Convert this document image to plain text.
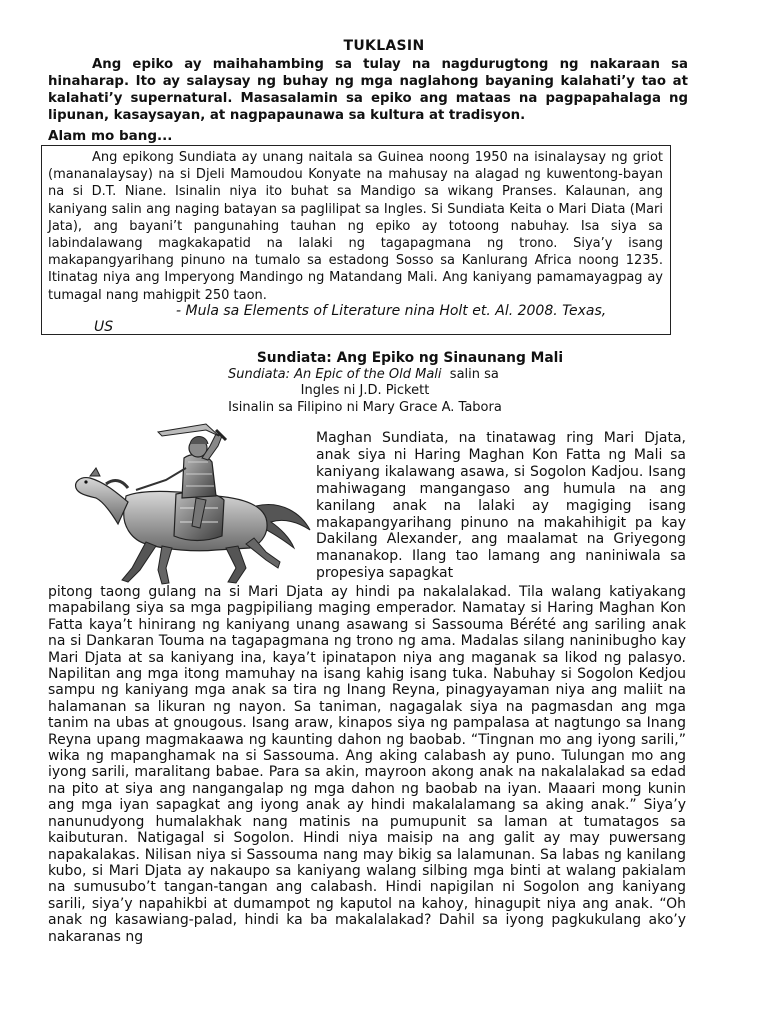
TUKLASIN
Ang epiko ay maihahambing sa tulay na nagdurugtong ng nakaraan sa hinaharap. Ito ay salaysay ng buhay ng mga naglahong bayaning kalahati’y tao at kalahati’y supernatural. Masasalamin sa epiko ang mataas na pagpapahalaga ng lipunan, kasaysayan, at nagpapaunawa sa kultura at tradisyon.
Alam mo bang...
Ang epikong Sundiata ay unang naitala sa Guinea noong 1950 na isinalaysay ng griot (mananalaysay) na si Djeli Mamoudou Konyate na mahusay na alagad ng kuwentong-bayan na si D.T. Niane. Isinalin niya ito buhat sa Mandigo sa wikang Pranses. Kalaunan, ang kaniyang salin ang naging batayan sa paglilipat sa Ingles. Si Sundiata Keita o Mari Diata (Mari Jata), ang bayani’t pangunahing tauhan ng epiko ay totoong nabuhay. Isa siya sa labindalawang magkakapatid na lalaki ng tagapagmana ng trono. Siya’y isang makapangyarihang pinuno na tumalo sa estadong Sosso sa Kanlurang Africa noong 1235. Itinatag niya ang Imperyong Mandingo ng Matandang Mali. Ang kaniyang pamamayagpag ay tumagal nang mahigpit 250 taon.
- Mula sa Elements of Literature nina Holt et. Al. 2008. Texas,
US
Sundiata: Ang Epiko ng Sinaunang Mali
Sundiata: An Epic of the Old Mali  salin sa
Ingles ni J.D. Pickett
Isinalin sa Filipino ni Mary Grace A. Tabora
Maghan Sundiata, na tinatawag ring Mari Djata, anak siya ni Haring Maghan Kon Fatta ng Mali sa kaniyang ikalawang asawa, si Sogolon Kadjou. Isang mahiwagang mangangaso ang humula na ang kanilang anak na lalaki ay magiging isang makapangyarihang pinuno na makahihigit pa kay Dakilang Alexander, ang maalamat na Griyegong mananakop. Ilang tao lamang ang naniniwala sa propesiya sapagkat
pitong taong gulang na si Mari Djata ay hindi pa nakalalakad. Tila walang katiyakang mapabilang siya sa mga pagpipiliang maging emperador. Namatay si Haring Maghan Kon Fatta kaya’t hinirang ng kaniyang unang asawang si Sassouma Bérété ang sariling anak na si Dankaran Touma na tagapagmana ng trono ng ama. Madalas silang naninibugho kay Mari Djata at sa kaniyang ina, kaya’t ipinatapon niya ang maganak sa likod ng palasyo. Napilitan ang mga itong mamuhay na isang kahig isang tuka. Nabuhay si Sogolon Kedjou sampu ng kaniyang mga anak sa tira ng Inang Reyna, pinagyayaman niya ang maliit na halamanan sa likuran ng nayon. Sa taniman, nagagalak siya na pagmasdan ang mga tanim na ubas at gnougous. Isang araw, kinapos siya ng pampalasa at nagtungo sa Inang Reyna upang magmakaawa ng kaunting dahon ng baobab. “Tingnan mo ang iyong sarili,” wika ng mapanghamak na si Sassouma. Ang aking calabash ay puno. Tulungan mo ang iyong sarili, maralitang babae. Para sa akin, mayroon akong anak na nakalalakad sa edad na pito at siya ang nangangalap ng mga dahon ng baobab na iyan. Maaari mong kunin ang mga iyan sapagkat ang iyong anak ay hindi makalalamang sa aking anak.” Siya’y nanunudyong humalakhak nang matinis na pumupunit sa laman at tumatagos sa kaibuturan. Natigagal si Sogolon. Hindi niya maisip na ang galit ay may puwersang napakalakas. Nilisan niya si Sassouma nang may bikig sa lalamunan. Sa labas ng kanilang kubo, si Mari Djata ay nakaupo sa kaniyang walang silbing mga binti at walang pakialam na sumusubo’t tangan-tangan ang calabash. Hindi napigilan ni Sogolon ang kaniyang sarili, siya’y napahikbi at dumampot ng kaputol na kahoy, hinagupit niya ang anak. “Oh anak ng kasawiang-palad, hindi ka ba makalalakad? Dahil sa iyong pagkukulang ako’y nakaranas ng
